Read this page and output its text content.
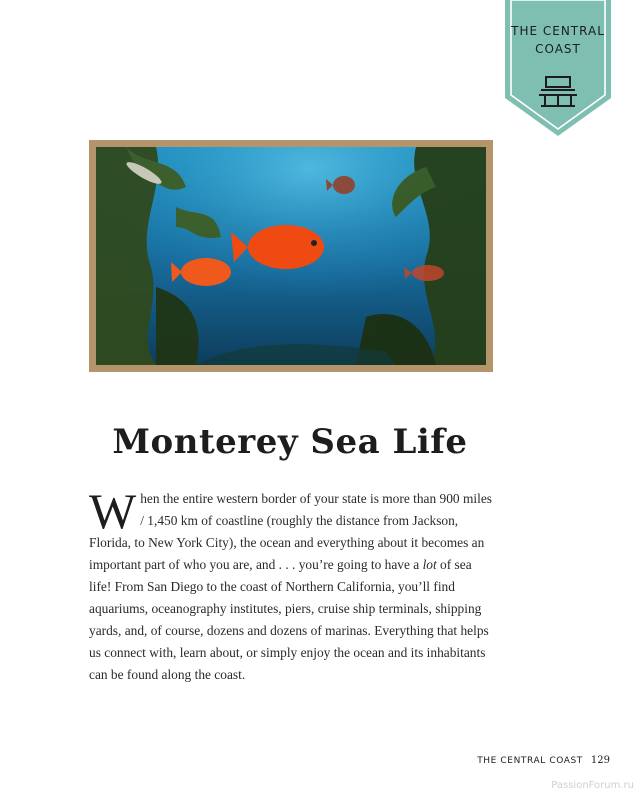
THE CENTRAL
COAST
Monterey Sea Life
W hen the entire western border of your state is more than 900 miles / 1,450 km of coastline (roughly the distance from Jackson, Florida, to New York City), the ocean and everything about it becomes an important part of who you are, and . . . you’re going to have a lot of sea life! From San Diego to the coast of Northern California, you’ll find aquariums, oceanography institutes, piers, cruise ship terminals, shipping yards, and, of course, dozens and dozens of marinas. Everything that helps us connect with, learn about, or simply enjoy the ocean and its inhabitants can be found along the coast.

THE CENTRAL COAST 129
PassionForum.ru
